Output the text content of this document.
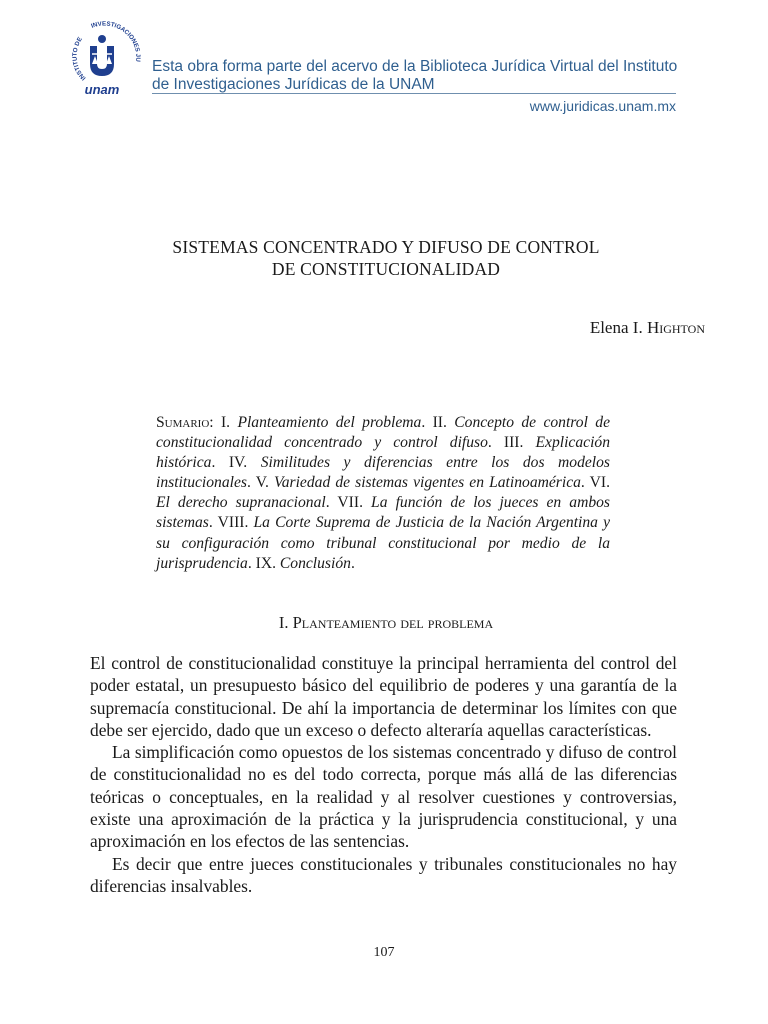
INSTITUTO DE
INVESTIGACIONES JU
unam
Esta obra forma parte del acervo de la Biblioteca Jurídica Virtual del Instituto
de Investigaciones Jurídicas de la UNAM
www.juridicas.unam.mx
SISTEMAS CONCENTRADO Y DIFUSO DE CONTROL
DE CONSTITUCIONALIDAD
Elena I. Highton
Sumario: I. Planteamiento del problema. II. Concepto de control de constitucionalidad concentrado y control difuso. III. Explicación histórica. IV. Similitudes y diferencias entre los dos modelos institucionales. V. Variedad de sistemas vigentes en Latinoamérica. VI. El derecho supranacional. VII. La función de los jueces en ambos sistemas. VIII. La Corte Suprema de Justicia de la Nación Argentina y su configuración como tribunal constitucional por medio de la jurisprudencia. IX. Conclusión.
I. Planteamiento del problema

El control de constitucionalidad constituye la principal herramienta del control del poder estatal, un presupuesto básico del equilibrio de poderes y una garantía de la supremacía constitucional. De ahí la importancia de determinar los límites con que debe ser ejercido, dado que un exceso o defecto alteraría aquellas características.

La simplificación como opuestos de los sistemas concentrado y difuso de control de constitucionalidad no es del todo correcta, porque más allá de las diferencias teóricas o conceptuales, en la realidad y al resolver cuestiones y controversias, existe una aproximación de la práctica y la jurisprudencia constitucional, y una aproximación en los efectos de las sentencias.

Es decir que entre jueces constitucionales y tribunales constitucionales no hay diferencias insalvables.

107
